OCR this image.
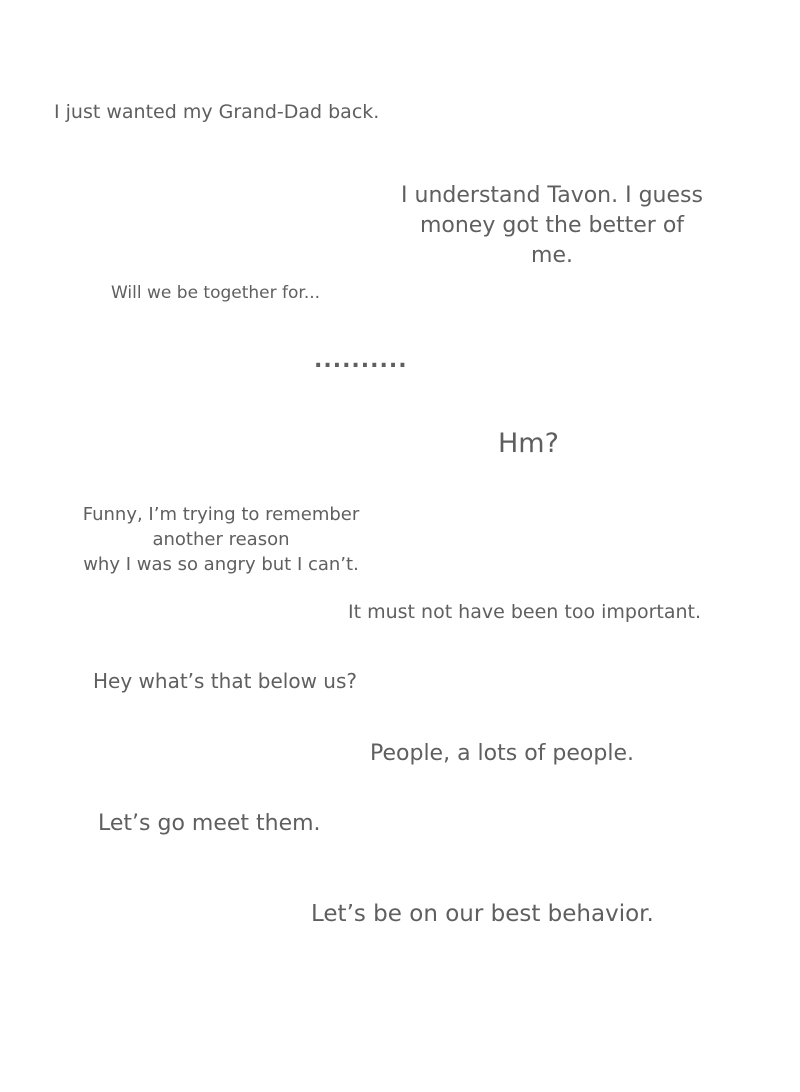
I just wanted my Grand-Dad back.
I understand Tavon. I guess
money got the better of me.
Will we be together for...
..........
Hm?
Funny, I’m trying to remember
another reason
why I was so angry but I can’t.
It must not have been too important.
Hey what’s that below us?
People, a lots of people.
Let’s go meet them.
Let’s be on our best behavior.
